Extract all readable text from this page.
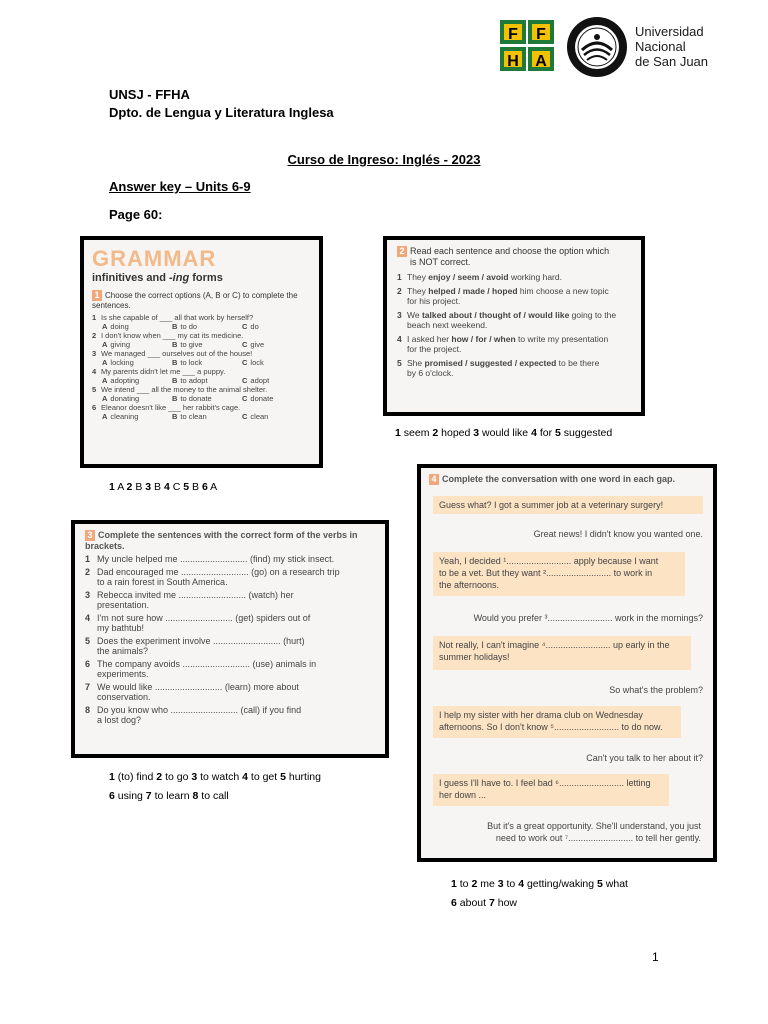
F F
H A
Universidad
Nacional
de San Juan
UNSJ - FFHA
Dpto. de Lengua y Literatura Inglesa
Curso de Ingreso: Inglés - 2023
Answer key – Units 6-9
Page 60:
GRAMMAR
infinitives and -ing forms
1 Choose the correct options (A, B or C) to complete the sentences.
1 Is she capable of ___ all that work by herself?
A doing	B to do	C do
2 I don't know when ___ my cat its medicine.
A giving	B to give	C give
3 We managed ___ ourselves out of the house!
A locking	B to lock	C lock
4 My parents didn't let me ___ a puppy.
A adopting	B to adopt	C adopt
5 We intend ___ all the money to the animal shelter.
A donating	B to donate	C donate
6 Eleanor doesn't like ___ her rabbit's cage.
A cleaning	B to clean	C clean
1 A 2 B 3 B 4 C 5 B 6 A
2 Read each sentence and choose the option which
is NOT correct.
1 They enjoy / seem / avoid working hard.
2 They helped / made / hoped him choose a new topic
for his project.
3 We talked about / thought of / would like going to the
beach next weekend.
4 I asked her how / for / when to write my presentation
for the project.
5 She promised / suggested / expected to be there
by 6 o'clock.
1 seem 2 hoped 3 would like 4 for 5 suggested
3 Complete the sentences with the correct form of the verbs in brackets.
1 My uncle helped me ........................... (find) my stick insect.
2 Dad encouraged me ........................... (go) on a research trip
to a rain forest in South America.
3 Rebecca invited me ........................... (watch) her
presentation.
4 I'm not sure how ........................... (get) spiders out of
my bathtub!
5 Does the experiment involve ........................... (hurt)
the animals?
6 The company avoids ........................... (use) animals in
experiments.
7 We would like ........................... (learn) more about
conservation.
8 Do you know who ........................... (call) if you find
a lost dog?
1 (to) find 2 to go 3 to watch 4 to get 5 hurting
6 using 7 to learn 8 to call
4 Complete the conversation with one word in each gap.
Guess what? I got a summer job at a veterinary surgery!
Great news! I didn't know you wanted one.
Yeah, I decided ¹.......................... apply because I want
to be a vet. But they want ².......................... to work in
the afternoons.
Would you prefer ³.......................... work in the mornings?
Not really, I can't imagine ⁴.......................... up early in the
summer holidays!
So what's the problem?
I help my sister with her drama club on Wednesday
afternoons. So I don't know ⁵.......................... to do now.
Can't you talk to her about it?
I guess I'll have to. I feel bad ⁶.......................... letting
her down ...
But it's a great opportunity. She'll understand, you just
need to work out ⁷.......................... to tell her gently.
1 to 2 me 3 to 4 getting/waking 5 what
6 about 7 how
1
